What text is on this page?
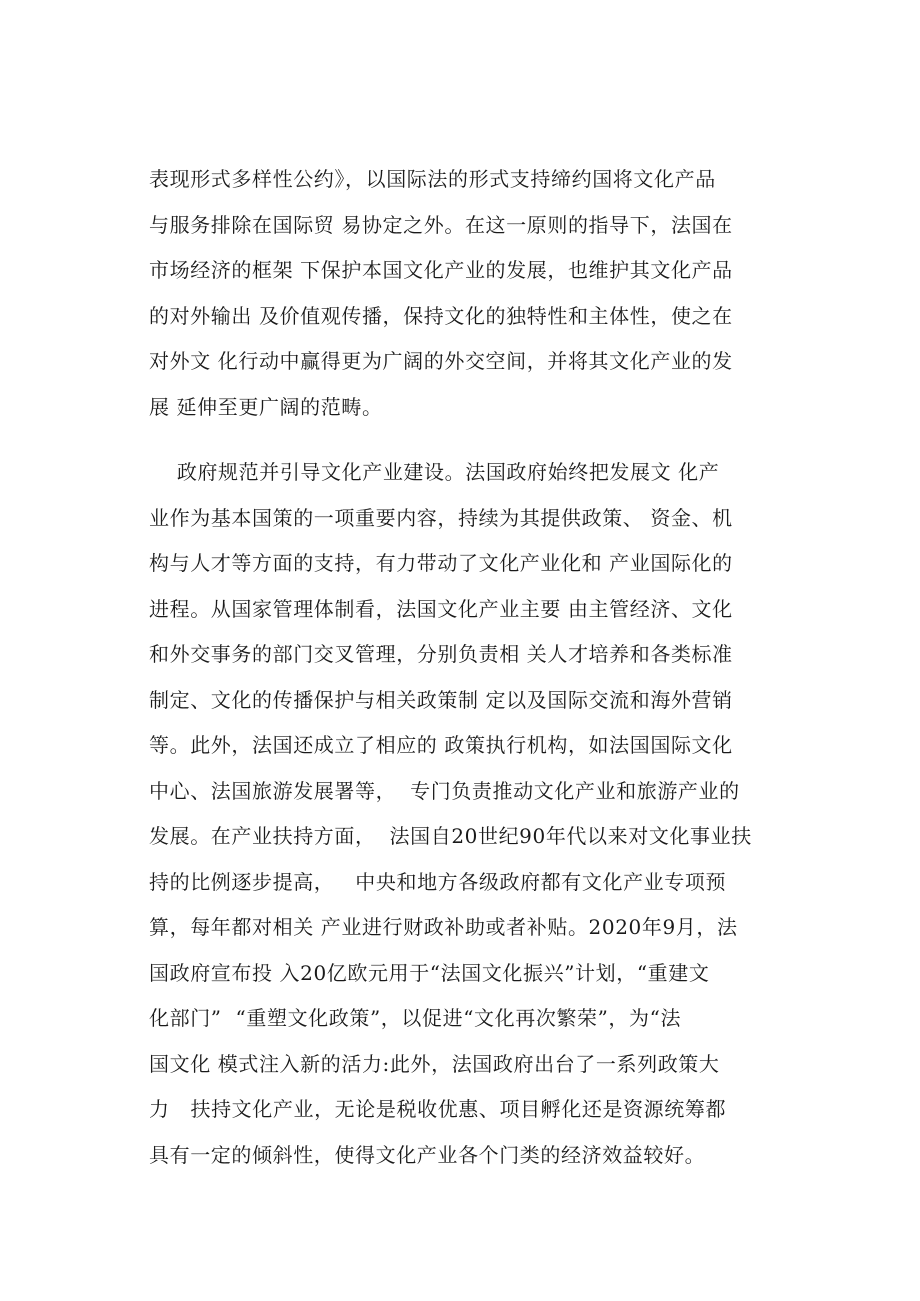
表现形式多样性公约》，以国际法的形式支持缔约国将文化产品
与服务排除在国际贸 易协定之外。在这一原则的指导下，法国在
市场经济的框架 下保护本国文化产业的发展，也维护其文化产品
的对外输出 及价值观传播，保持文化的独特性和主体性，使之在
对外文 化行动中赢得更为广阔的外交空间，并将其文化产业的发
展 延伸至更广阔的范畴。
政府规范并引导文化产业建设。法国政府始终把发展文 化产
业作为基本国策的一项重要内容，持续为其提供政策、 资金、机
构与人才等方面的支持，有力带动了文化产业化和 产业国际化的
进程。从国家管理体制看，法国文化产业主要 由主管经济、文化
和外交事务的部门交叉管理，分别负责相 关人才培养和各类标准
制定、文化的传播保护与相关政策制 定以及国际交流和海外营销
等。此外，法国还成立了相应的 政策执行机构，如法国国际文化
中心、法国旅游发展署等，  专门负责推动文化产业和旅游产业的
发展。在产业扶持方面，  法国自20世纪90年代以来对文化事业扶
持的比例逐步提高，   中央和地方各级政府都有文化产业专项预
算，每年都对相关 产业进行财政补助或者补贴。2020年9月，法
国政府宣布投 入20亿欧元用于“法国文化振兴”计划，“重建文
化部门”  “重塑文化政策”，以促进“文化再次繁荣”，为“法
国文化 模式注入新的活力:此外，法国政府出台了一系列政策大
力   扶持文化产业，无论是税收优惠、项目孵化还是资源统筹都
具有一定的倾斜性，使得文化产业各个门类的经济效益较好。
